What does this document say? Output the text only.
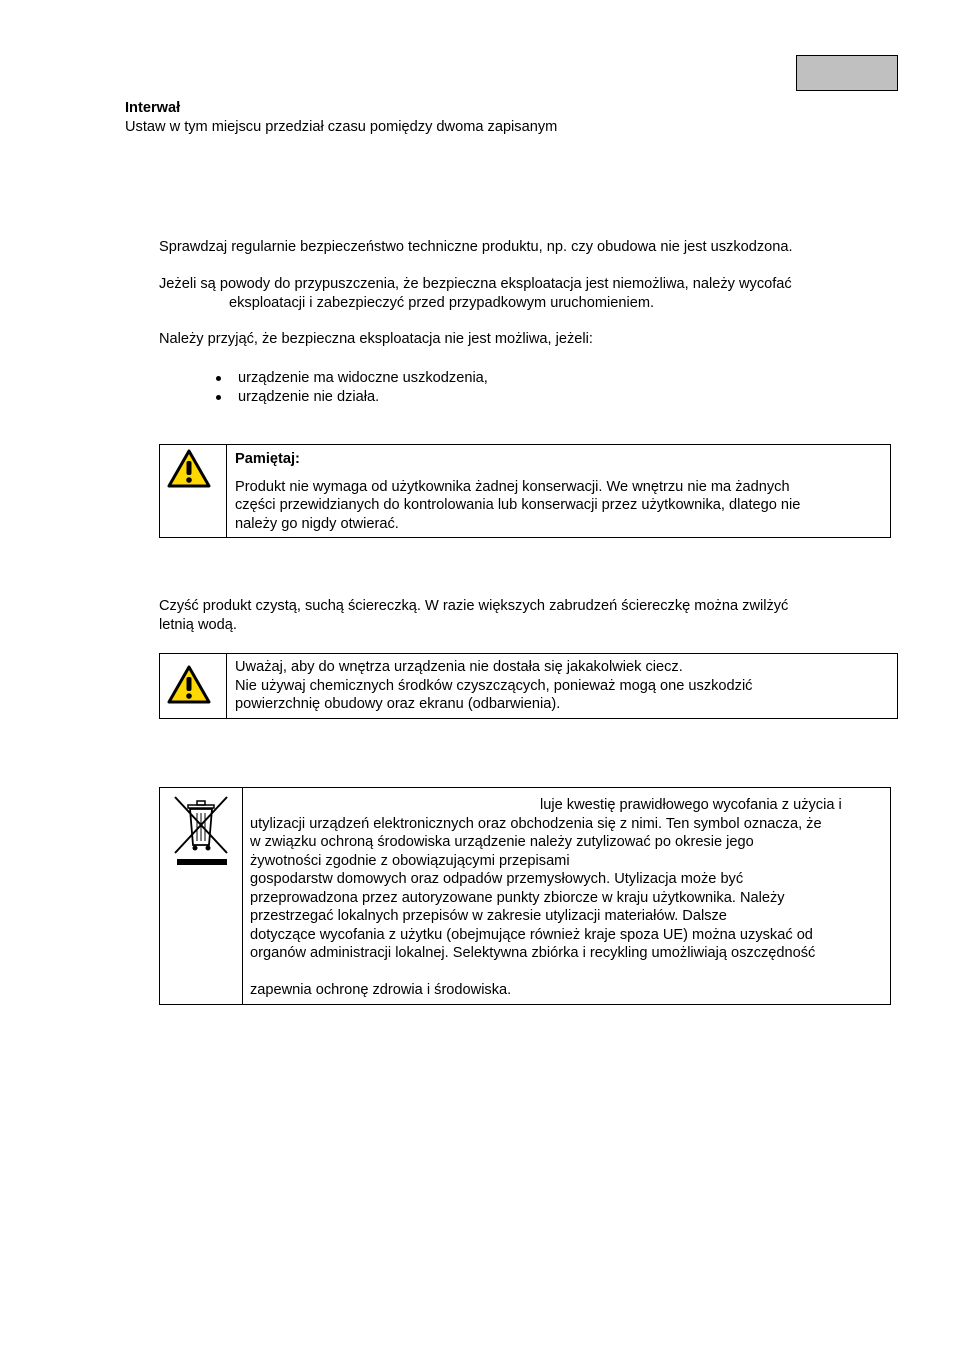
Interwał
Ustaw w tym miejscu przedział czasu pomiędzy dwoma zapisanym
Sprawdzaj regularnie bezpieczeństwo techniczne produktu, np. czy obudowa nie jest uszkodzona.
Jeżeli są powody do przypuszczenia, że bezpieczna eksploatacja jest niemożliwa, należy wycofać
eksploatacji i zabezpieczyć przed przypadkowym uruchomieniem.
Należy przyjąć, że bezpieczna eksploatacja nie jest możliwa, jeżeli:
urządzenie ma widoczne uszkodzenia,
urządzenie nie działa.
Pamiętaj:
Produkt nie wymaga od użytkownika żadnej konserwacji. We wnętrzu nie ma żadnych
części przewidzianych do kontrolowania lub konserwacji przez użytkownika, dlatego nie
należy go nigdy otwierać.
Czyść produkt czystą, suchą ściereczką. W razie większych zabrudzeń ściereczkę można zwilżyć
letnią wodą.
Uważaj, aby do wnętrza urządzenia nie dostała się jakakolwiek ciecz.
Nie używaj chemicznych środków czyszczących, ponieważ mogą one uszkodzić
powierzchnię obudowy oraz ekranu (odbarwienia).
luje kwestię prawidłowego wycofania z użycia i
utylizacji urządzeń elektronicznych oraz obchodzenia się z nimi. Ten symbol oznacza, że
w związku ochroną środowiska urządzenie należy zutylizować po okresie jego
żywotności zgodnie z obowiązującymi przepisami
gospodarstw domowych oraz odpadów przemysłowych. Utylizacja może być
przeprowadzona przez autoryzowane punkty zbiorcze w kraju użytkownika. Należy
przestrzegać lokalnych przepisów w zakresie utylizacji materiałów. Dalsze
dotyczące wycofania z użytku (obejmujące również kraje spoza UE) można uzyskać od
organów administracji lokalnej. Selektywna zbiórka i recykling umożliwiają oszczędność
zapewnia ochronę zdrowia i środowiska.
